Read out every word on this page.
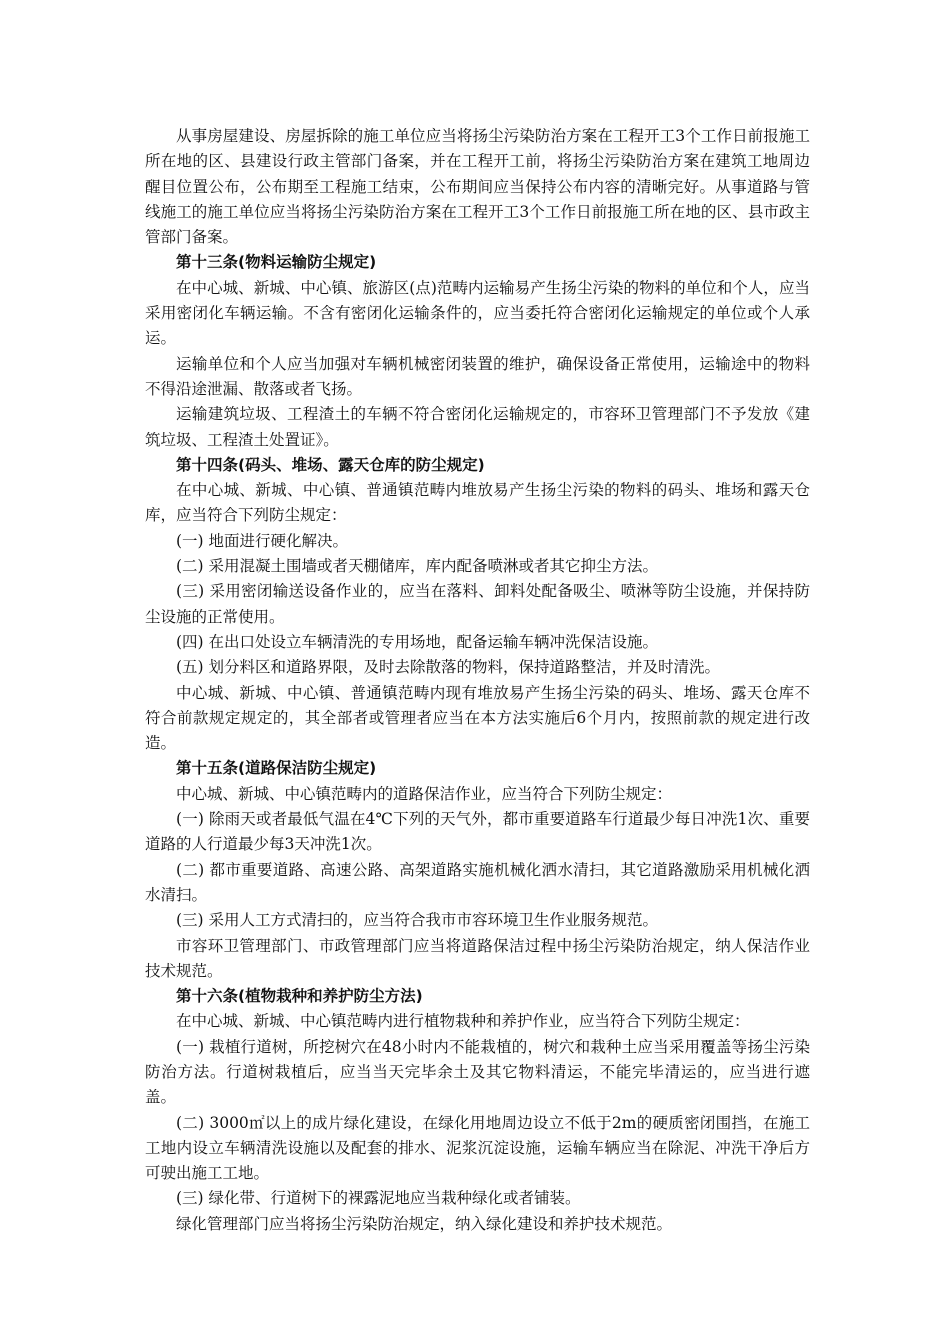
从事房屋建设、房屋拆除的施工单位应当将扬尘污染防治方案在工程开工3个工作日前报施工所在地的区、县建设行政主管部门备案，并在工程开工前，将扬尘污染防治方案在建筑工地周边醒目位置公布，公布期至工程施工结束，公布期间应当保持公布内容的清晰完好。从事道路与管线施工的施工单位应当将扬尘污染防治方案在工程开工3个工作日前报施工所在地的区、县市政主管部门备案。

第十三条(物料运输防尘规定)

在中心城、新城、中心镇、旅游区(点)范畴内运输易产生扬尘污染的物料的单位和个人，应当采用密闭化车辆运输。不含有密闭化运输条件的，应当委托符合密闭化运输规定的单位或个人承运。

运输单位和个人应当加强对车辆机械密闭装置的维护，确保设备正常使用，运输途中的物料不得沿途泄漏、散落或者飞扬。

运输建筑垃圾、工程渣土的车辆不符合密闭化运输规定的，市容环卫管理部门不予发放《建筑垃圾、工程渣土处置证》。

第十四条(码头、堆场、露天仓库的防尘规定)

在中心城、新城、中心镇、普通镇范畴内堆放易产生扬尘污染的物料的码头、堆场和露天仓库，应当符合下列防尘规定：

(一) 地面进行硬化解决。

(二) 采用混凝土围墙或者天棚储库，库内配备喷淋或者其它抑尘方法。

(三) 采用密闭输送设备作业的，应当在落料、卸料处配备吸尘、喷淋等防尘设施，并保持防尘设施的正常使用。

(四) 在出口处设立车辆清洗的专用场地，配备运输车辆冲洗保洁设施。

(五) 划分料区和道路界限，及时去除散落的物料，保持道路整洁，并及时清洗。

中心城、新城、中心镇、普通镇范畴内现有堆放易产生扬尘污染的码头、堆场、露天仓库不符合前款规定规定的，其全部者或管理者应当在本方法实施后6个月内，按照前款的规定进行改造。

第十五条(道路保洁防尘规定)

中心城、新城、中心镇范畴内的道路保洁作业，应当符合下列防尘规定：

(一) 除雨天或者最低气温在4℃下列的天气外，都市重要道路车行道最少每日冲洗1次、重要道路的人行道最少每3天冲洗1次。

(二) 都市重要道路、高速公路、高架道路实施机械化洒水清扫，其它道路激励采用机械化洒水清扫。

(三) 采用人工方式清扫的，应当符合我市市容环境卫生作业服务规范。

市容环卫管理部门、市政管理部门应当将道路保洁过程中扬尘污染防治规定，纳人保洁作业技术规范。

第十六条(植物栽种和养护防尘方法)

在中心城、新城、中心镇范畴内进行植物栽种和养护作业，应当符合下列防尘规定：

(一) 栽植行道树，所挖树穴在48小时内不能栽植的，树穴和栽种土应当采用覆盖等扬尘污染防治方法。行道树栽植后，应当当天完毕余土及其它物料清运，不能完毕清运的，应当进行遮盖。

(二) 3000㎡以上的成片绿化建设，在绿化用地周边设立不低于2m的硬质密闭围挡，在施工工地内设立车辆清洗设施以及配套的排水、泥浆沉淀设施，运输车辆应当在除泥、冲洗干净后方可驶出施工工地。

(三) 绿化带、行道树下的裸露泥地应当栽种绿化或者铺装。

绿化管理部门应当将扬尘污染防治规定，纳入绿化建设和养护技术规范。
